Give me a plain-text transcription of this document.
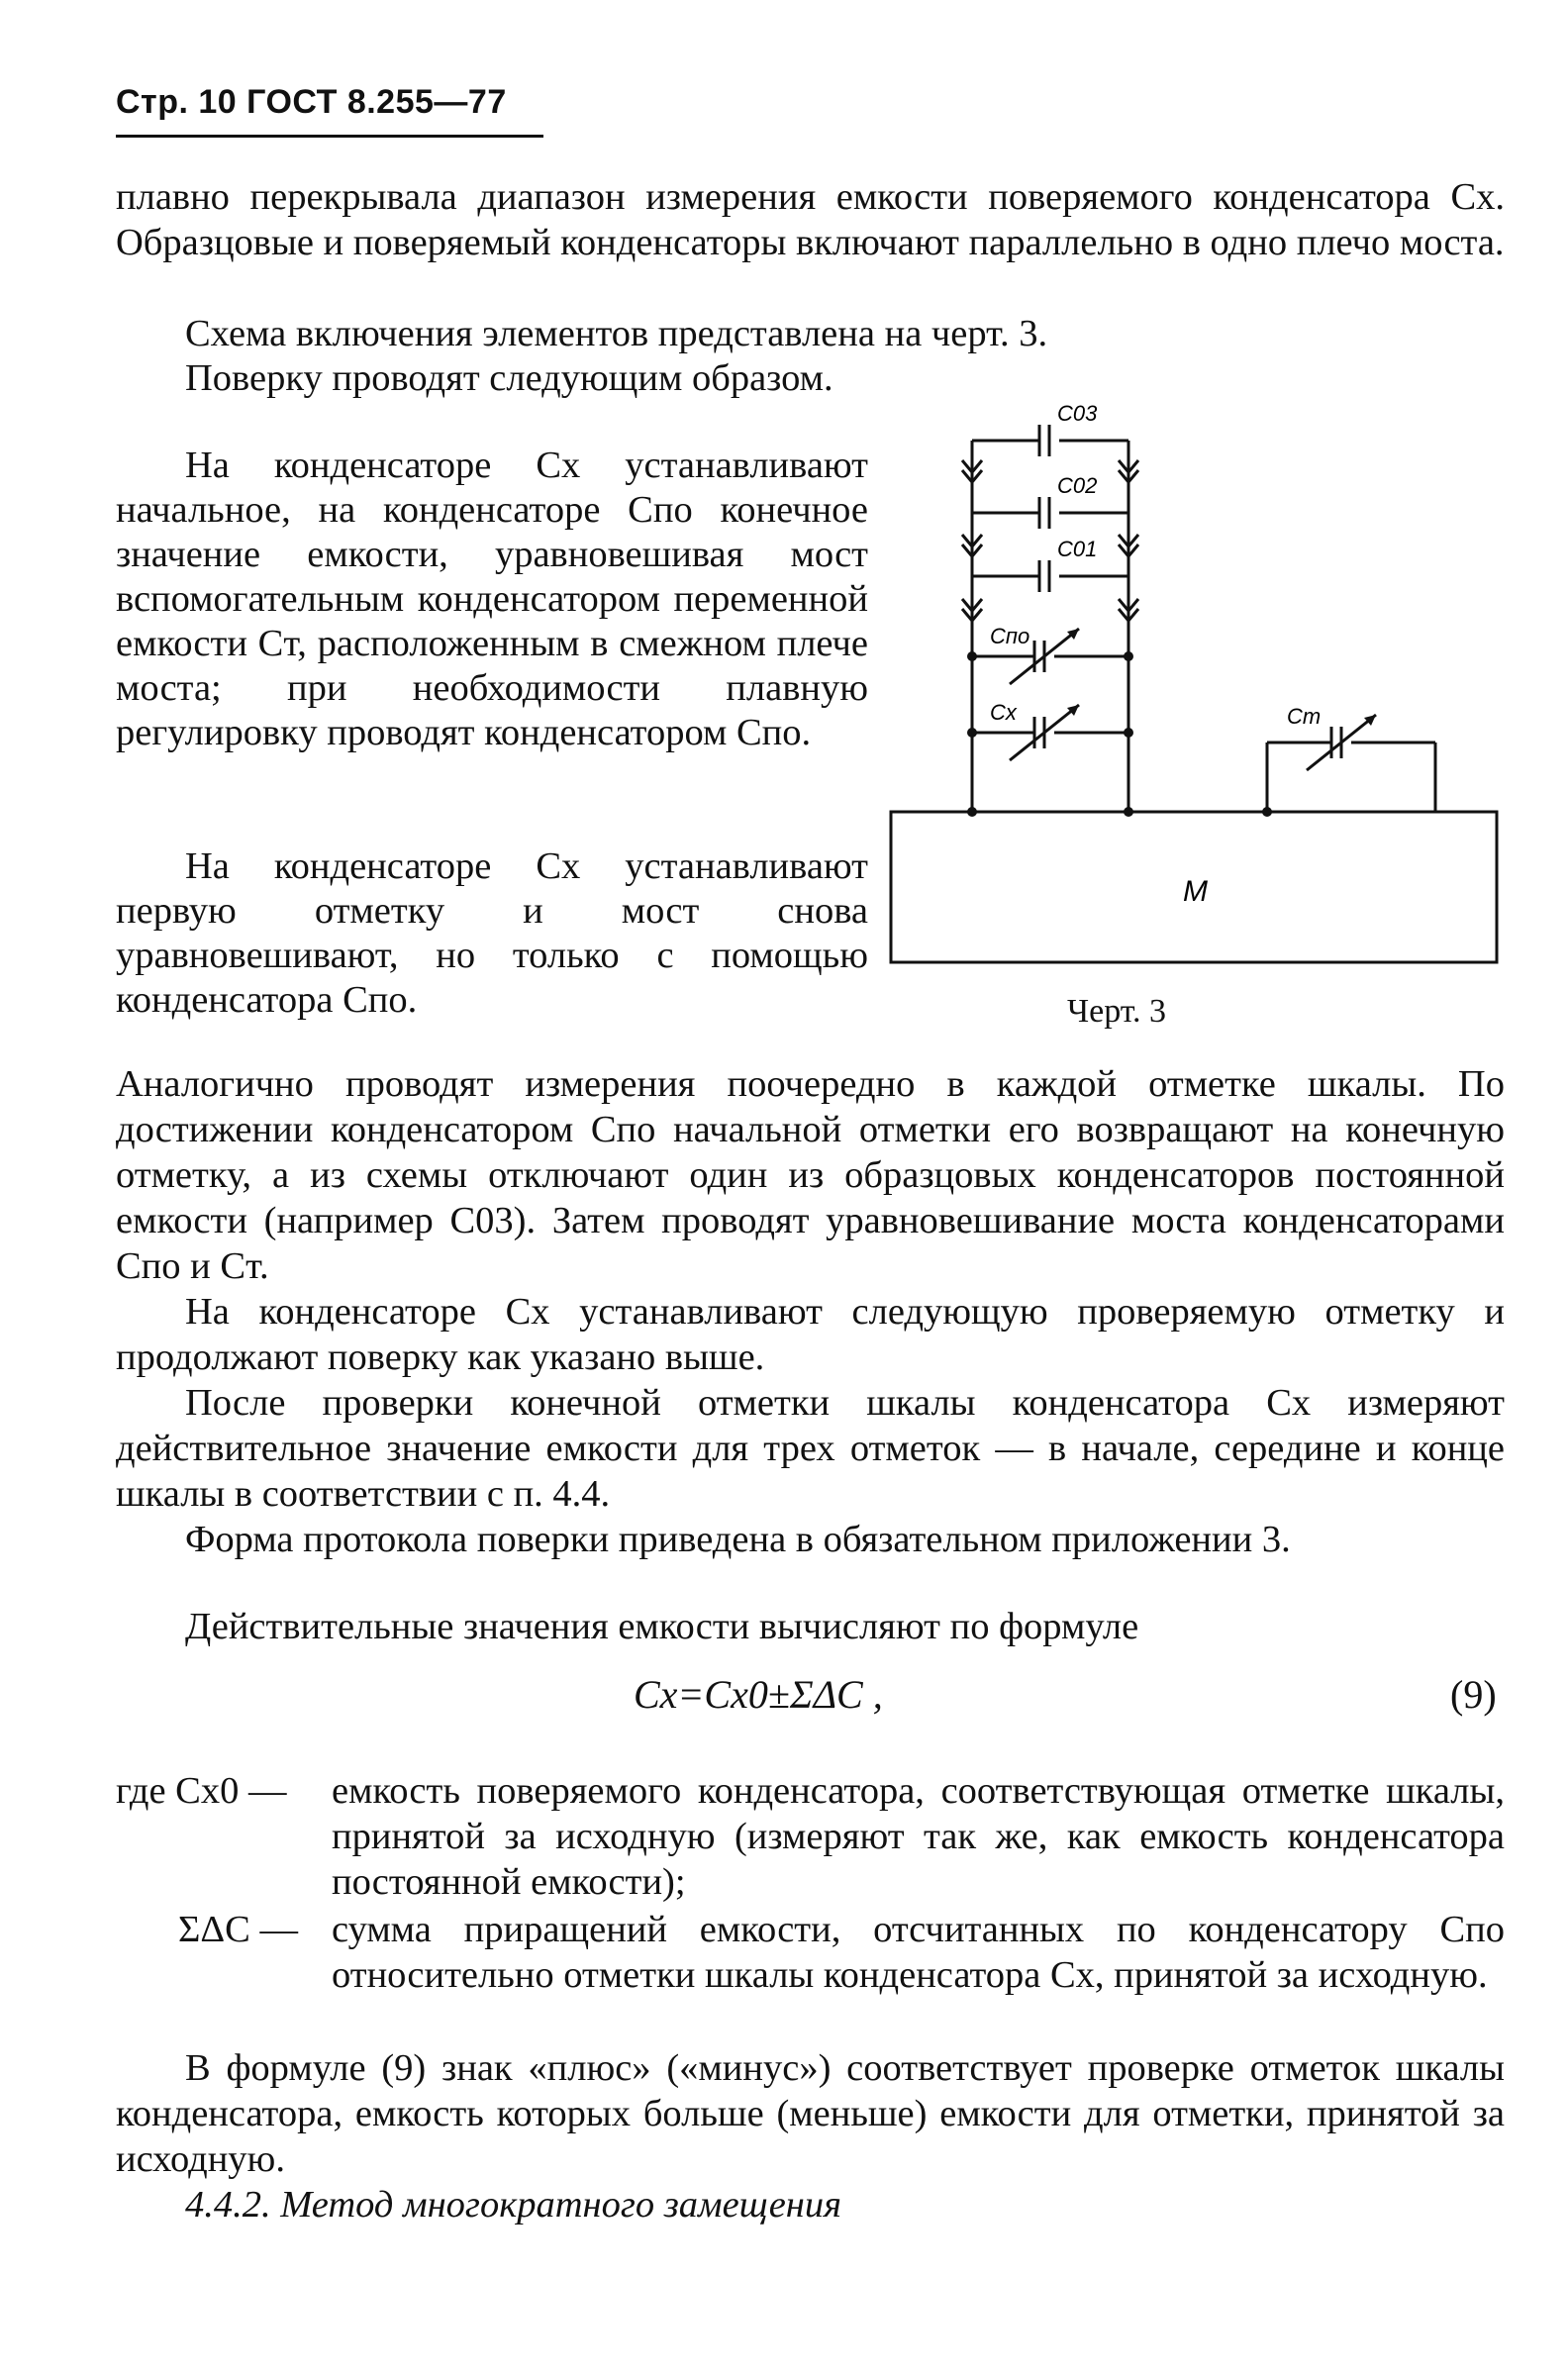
Стр. 10 ГОСТ 8.255—77
плавно перекрывала диапазон измерения емкости поверяемого конденсатора Cx. Образцовые и поверяемый конденсаторы включают параллельно в одно плечо моста.
Схема включения элементов представлена на черт. 3.
Поверку проводят следующим образом.
На конденсаторе Cx устанавливают начальное, на конденсаторе Cпо конечное значение емкости, уравновешивая мост вспомогательным конденсатором переменной емкости Cт, расположенным в смежном плече моста; при необходимости плавную регулировку проводят конденсатором Cпо.
На конденсаторе Cx устанавливают первую отметку и мост снова уравновешивают, но только с помощью конденсатора Cпо.
C03
C02
C01
Cпо
Cx	Cт
М
Черт. 3
Аналогично проводят измерения поочередно в каждой отметке шкалы. По достижении конденсатором Cпо начальной отметки его возвращают на конечную отметку, а из схемы отключают один из образцовых конденсаторов постоянной емкости (например C03). Затем проводят уравновешивание моста конденсаторами Cпо и Cт.
На конденсаторе Cx устанавливают следующую проверяемую отметку и продолжают поверку как указано выше.
После проверки конечной отметки шкалы конденсатора Cx измеряют действительное значение емкости для трех отметок — в начале, середине и конце шкалы в соответствии с п. 4.4.
Форма протокола поверки приведена в обязательном приложении 3.
Действительные значения емкости вычисляют по формуле
Cx=Cx0±ΣΔC ,	(9)
где Cx0 — емкость поверяемого конденсатора, соответствующая отметке шкалы, принятой за исходную (измеряют так же, как емкость конденсатора постоянной емкости);
ΣΔC — сумма приращений емкости, отсчитанных по конденсатору Cпо относительно отметки шкалы конденсатора Cx, принятой за исходную.
В формуле (9) знак «плюс» («минус») соответствует проверке отметок шкалы конденсатора, емкость которых больше (меньше) емкости для отметки, принятой за исходную.
4.4.2. Метод многократного замещения
